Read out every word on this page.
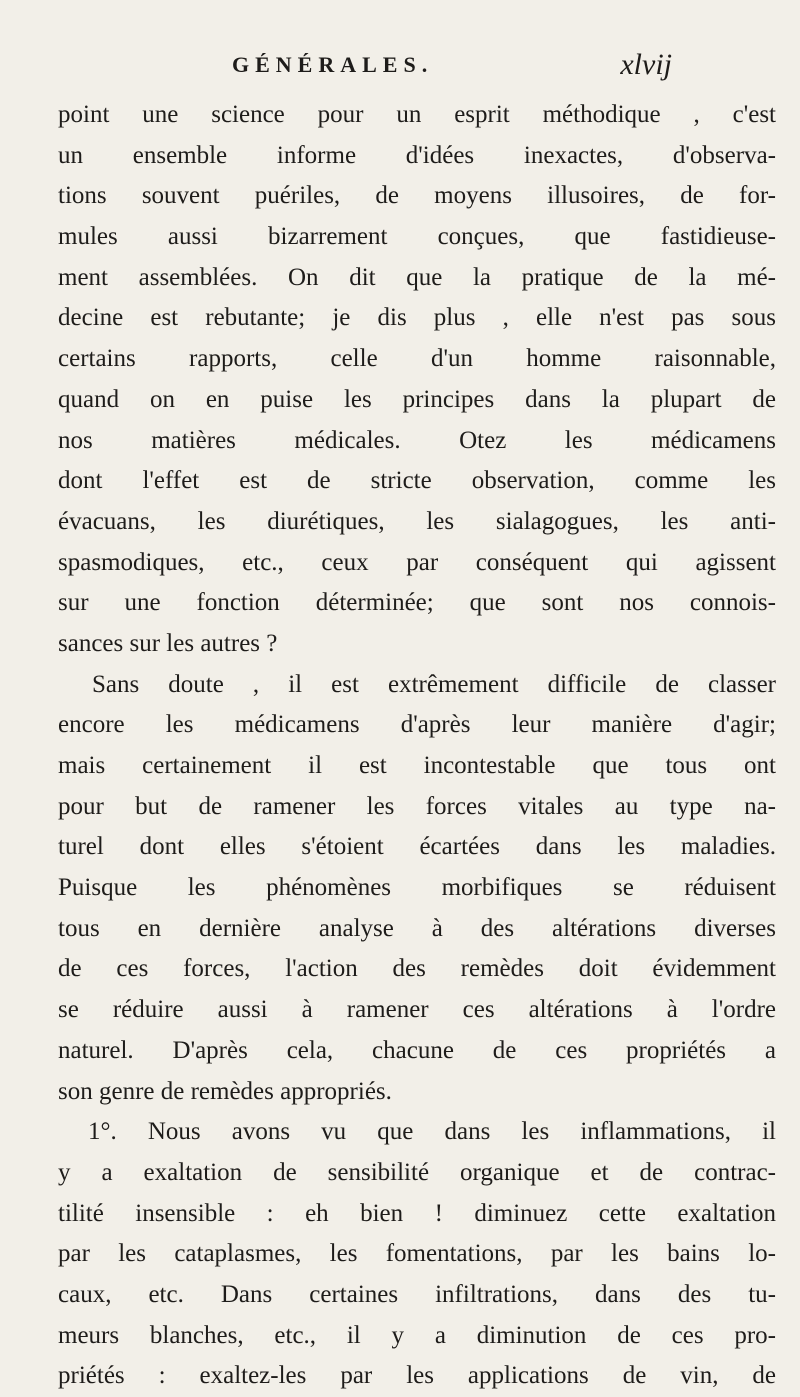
GÉNÉRALES.	xlvij
point une science pour un esprit méthodique , c'est
un ensemble informe d'idées inexactes, d'observa-
tions souvent puériles, de moyens illusoires, de for-
mules aussi bizarrement conçues, que fastidieuse-
ment assemblées. On dit que la pratique de la mé-
decine est rebutante; je dis plus , elle n'est pas sous
certains rapports, celle d'un homme raisonnable,
quand on en puise les principes dans la plupart de
nos matières médicales. Otez les médicamens
dont l'effet est de stricte observation, comme les
évacuans, les diurétiques, les sialagogues, les anti-
spasmodiques, etc., ceux par conséquent qui agissent
sur une fonction déterminée; que sont nos connois-
sances sur les autres ?
Sans doute , il est extrêmement difficile de classer
encore les médicamens d'après leur manière d'agir;
mais certainement il est incontestable que tous ont
pour but de ramener les forces vitales au type na-
turel dont elles s'étoient écartées dans les maladies.
Puisque les phénomènes morbifiques se réduisent
tous en dernière analyse à des altérations diverses
de ces forces, l'action des remèdes doit évidemment
se réduire aussi à ramener ces altérations à l'ordre
naturel. D'après cela, chacune de ces propriétés a
son genre de remèdes appropriés.
1°. Nous avons vu que dans les inflammations, il
y a exaltation de sensibilité organique et de contrac-
tilité insensible : eh bien ! diminuez cette exaltation
par les cataplasmes, les fomentations, par les bains lo-
caux, etc. Dans certaines infiltrations, dans des tu-
meurs blanches, etc., il y a diminution de ces pro-
priétés : exaltez-les par les applications de vin, de
